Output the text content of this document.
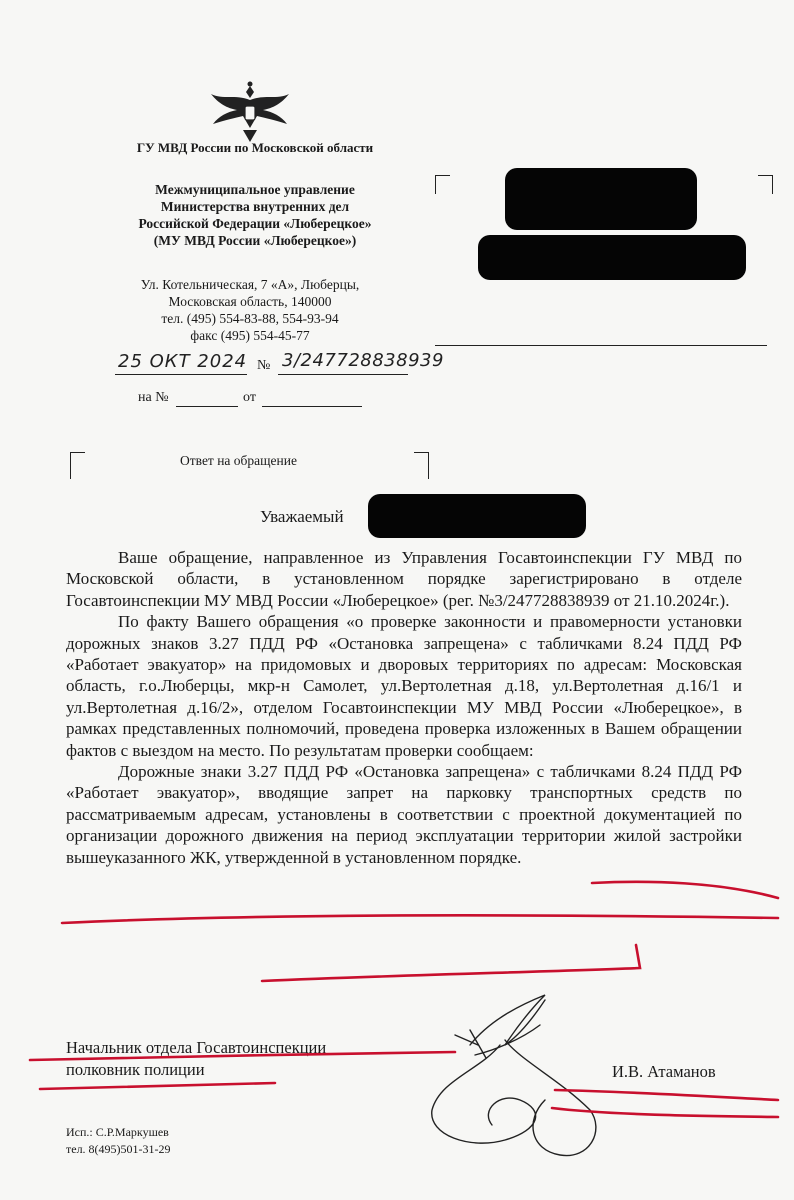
ГУ МВД России по Московской области
Межмуниципальное управление
Министерства внутренних дел
Российской Федерации «Люберецкое»
(МУ МВД России «Люберецкое»)
Ул. Котельническая, 7 «А», Люберцы,
Московская область, 140000
тел. (495) 554-83-88, 554-93-94
факс (495) 554-45-77
25 ОКТ 2024 № 3/247728838939
на №	от
Ответ на обращение
Уважаемый

Ваше обращение, направленное из Управления Госавтоинспекции ГУ МВД по Московской области, в установленном порядке зарегистрировано в отделе Госавтоинспекции МУ МВД России «Люберецкое» (рег. №3/247728838939 от 21.10.2024г.).

По факту Вашего обращения «о проверке законности и правомерности установки дорожных знаков 3.27 ПДД РФ «Остановка запрещена» с табличками 8.24 ПДД РФ «Работает эвакуатор» на придомовых и дворовых территориях по адресам: Московская область, г.о.Люберцы, мкр-н Самолет, ул.Вертолетная д.18, ул.Вертолетная д.16/1 и ул.Вертолетная д.16/2», отделом Госавтоинспекции МУ МВД России «Люберецкое», в рамках представленных полномочий, проведена проверка изложенных в Вашем обращении фактов с выездом на место. По результатам проверки сообщаем:

Дорожные знаки 3.27 ПДД РФ «Остановка запрещена» с табличками 8.24 ПДД РФ «Работает эвакуатор», вводящие запрет на парковку транспортных средств по рассматриваемым адресам, установлены в соответствии с проектной документацией по организации дорожного движения на период эксплуатации территории жилой застройки вышеуказанного ЖК, утвержденной в установленном порядке.

Начальник отдела Госавтоинспекции
полковник полиции	И.В. Атаманов
Исп.: С.Р.Маркушев
тел. 8(495)501-31-29
